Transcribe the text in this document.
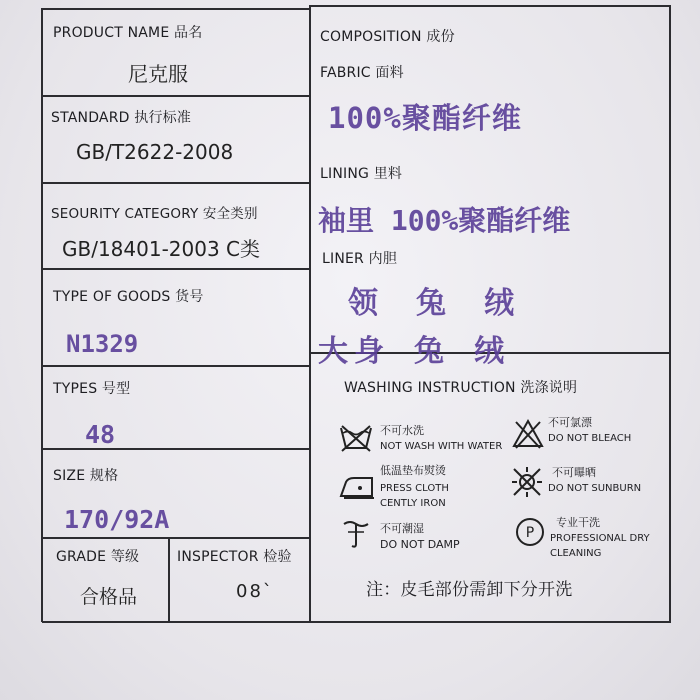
PRODUCT NAME 品名
尼克服
STANDARD 执行标准
GB/T2622-2008
SEOURITY CATEGORY 安全类别
GB/18401-2003 C类
TYPE OF GOODS 货号
N1329
TYPES 号型
48
SIZE 规格
170/92A
GRADE 等级
合格品
INSPECTOR 检验
08`
COMPOSITION 成份
FABRIC 面料
100%聚酯纤维
LINING 里料
袖里 100%聚酯纤维
LINER 内胆
领 兔 绒
大身 兔 绒
WASHING INSTRUCTION 洗涤说明
不可水洗
NOT WASH WITH WATER
不可氯漂
DO NOT BLEACH
低温垫布熨烫
PRESS CLOTH
CENTLY IRON
不可曝晒
DO NOT SUNBURN
不可潮湿
DO NOT DAMP
P
专业干洗
PROFESSIONAL DRY
CLEANING
注：皮毛部份需卸下分开洗
